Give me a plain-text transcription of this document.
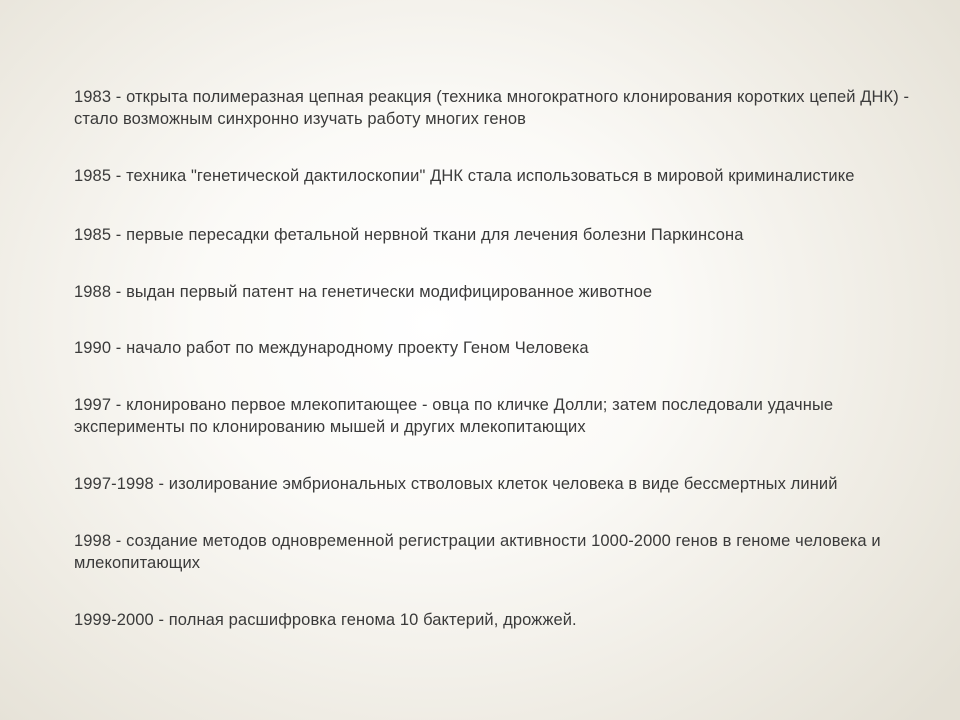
1983 - открыта полимеразная цепная реакция (техника многократного клонирования коротких цепей ДНК) - стало возможным синхронно изучать работу многих генов
1985 - техника "генетической дактилоскопии" ДНК стала использоваться в мировой криминалистике
1985 - первые пересадки фетальной нервной ткани для лечения болезни Паркинсона
1988 - выдан первый патент на генетически модифицированное животное
1990 - начало работ по международному проекту Геном Человека
1997 - клонировано первое млекопитающее - овца по кличке Долли; затем последовали удачные эксперименты по клонированию мышей и других млекопитающих
1997-1998 - изолирование эмбриональных стволовых клеток человека в виде бессмертных линий
1998 - создание методов одновременной регистрации активности 1000-2000 генов в геноме человека и млекопитающих
1999-2000 - полная расшифровка генома 10 бактерий, дрожжей.
